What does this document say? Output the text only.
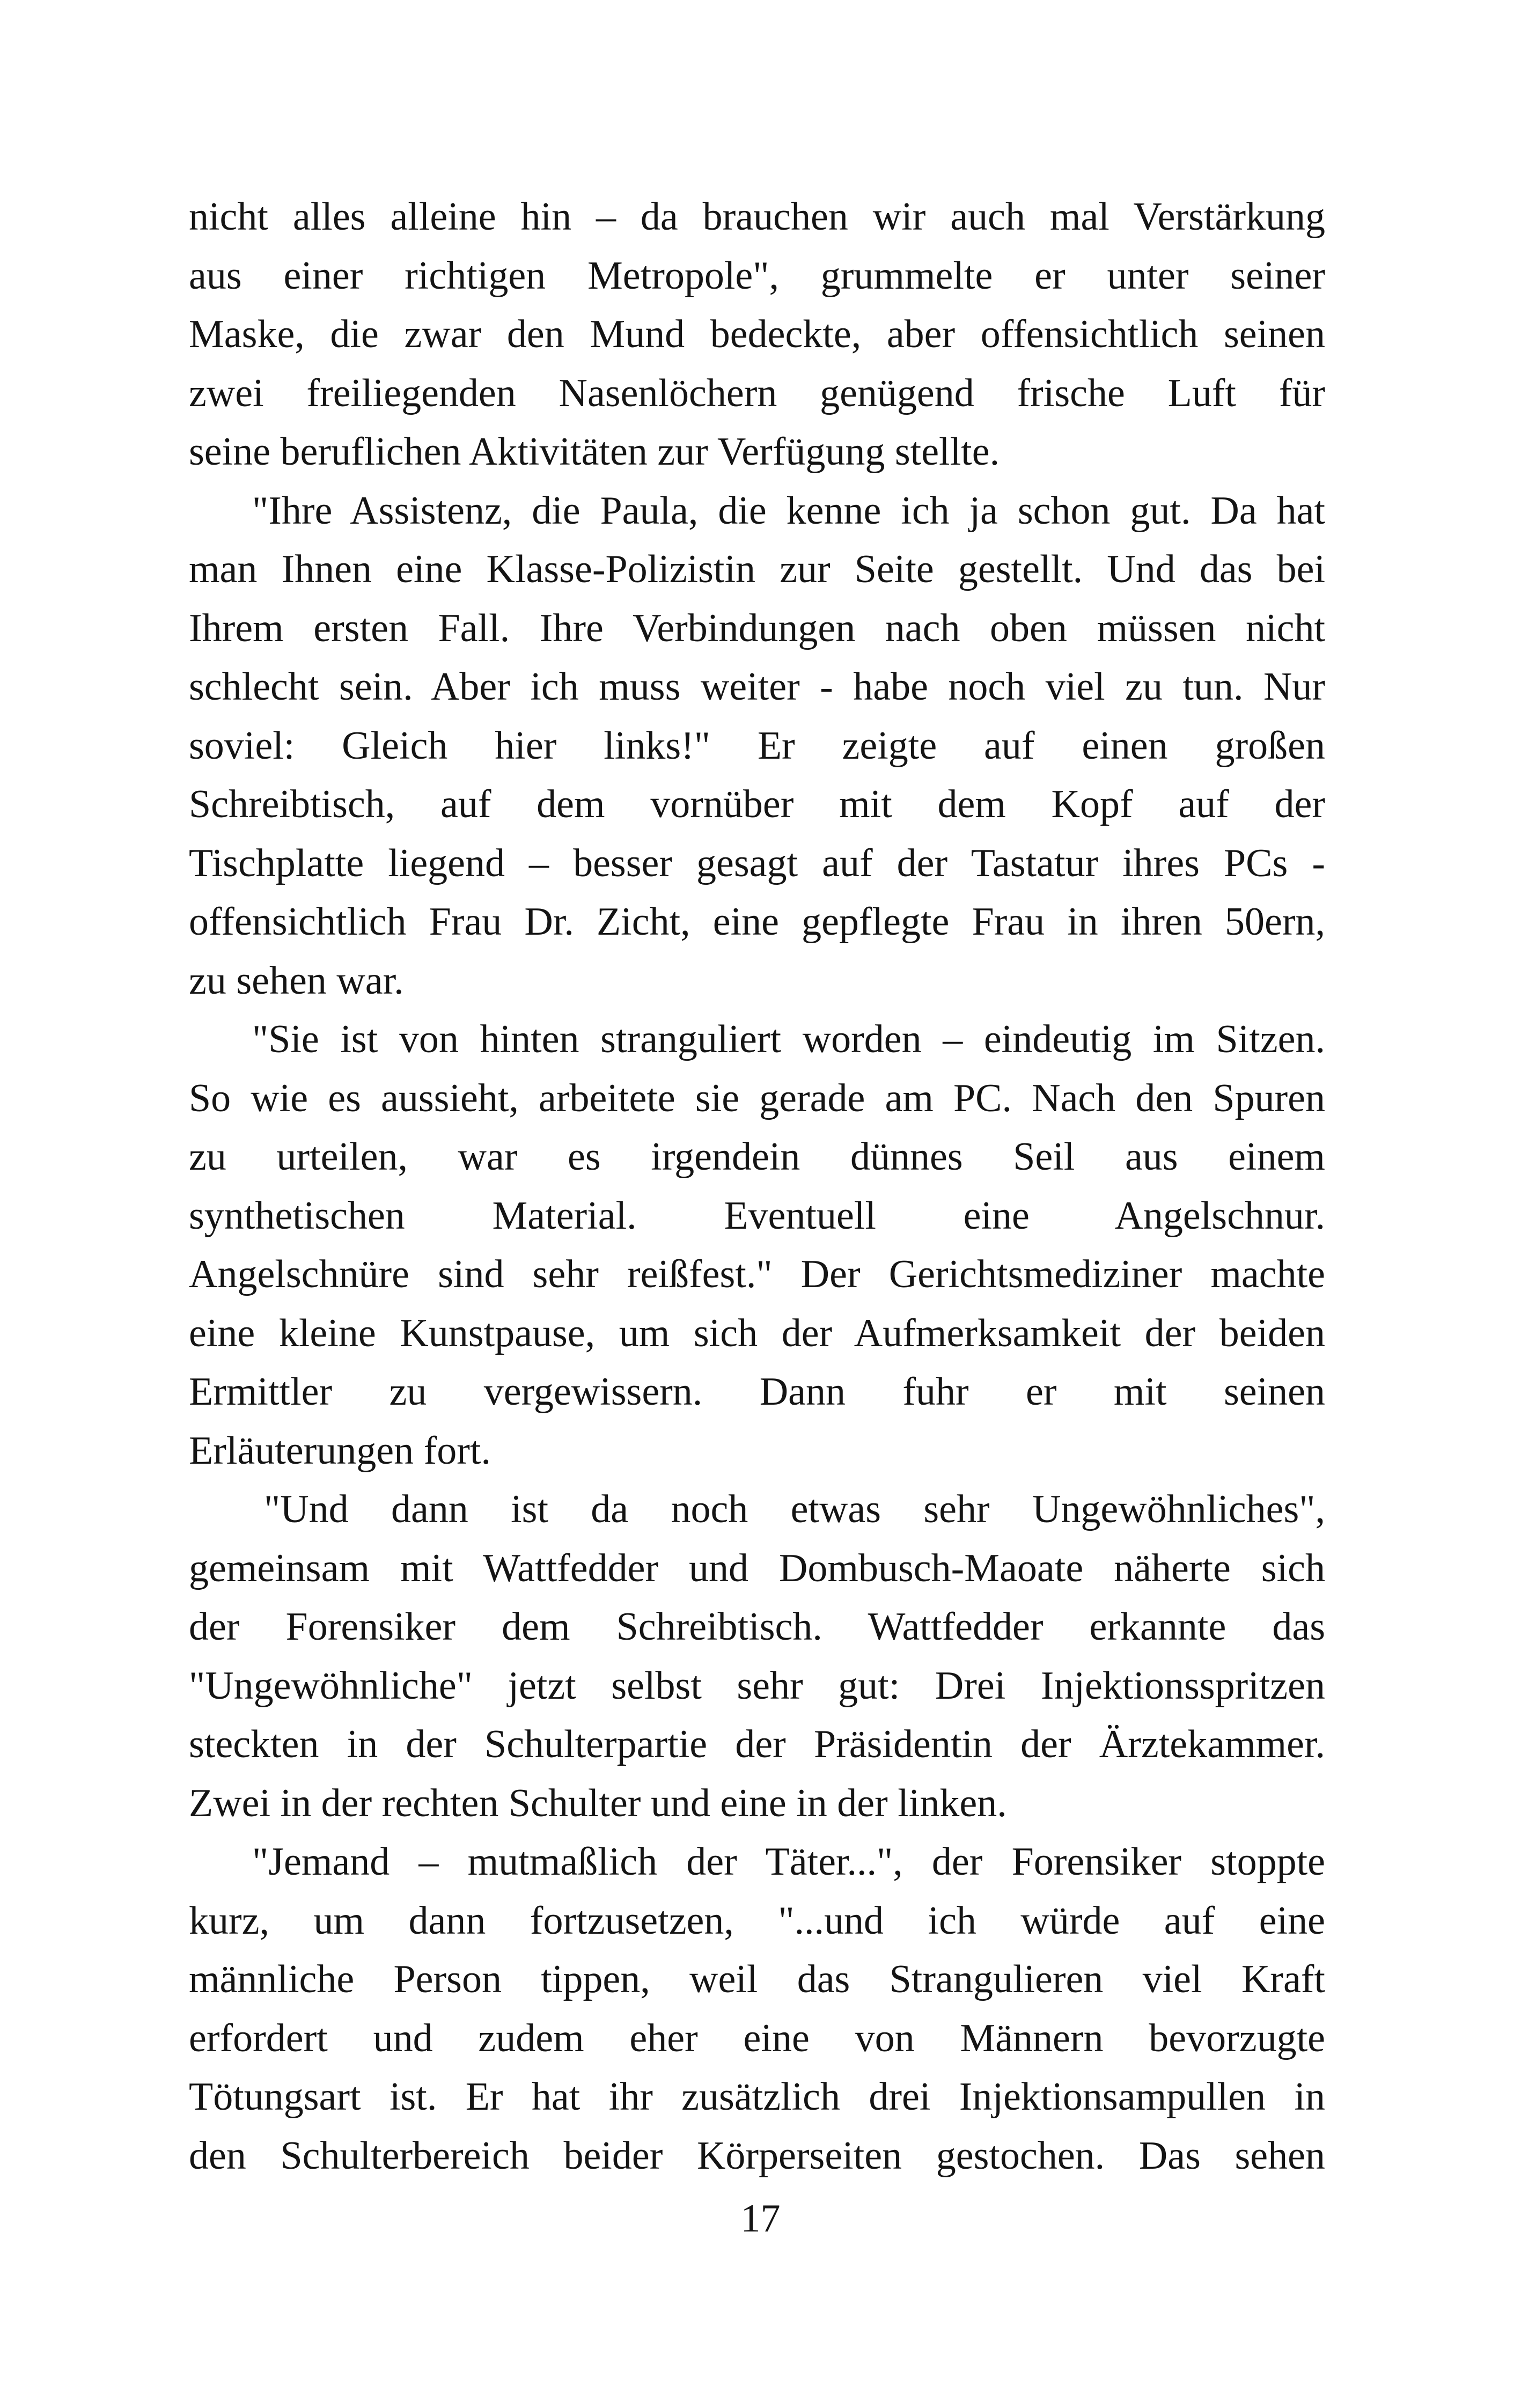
nicht alles alleine hin – da brauchen wir auch mal Verstärkung
aus einer richtigen Metropole", grummelte er unter seiner
Maske, die zwar den Mund bedeckte, aber offensichtlich seinen
zwei freiliegenden Nasenlöchern genügend frische Luft für
seine beruflichen Aktivitäten zur Verfügung stellte.
"Ihre Assistenz, die Paula, die kenne ich ja schon gut. Da hat
man Ihnen eine Klasse-Polizistin zur Seite gestellt. Und das bei
Ihrem ersten Fall. Ihre Verbindungen nach oben müssen nicht
schlecht sein. Aber ich muss weiter - habe noch viel zu tun. Nur
soviel: Gleich hier links!" Er zeigte auf einen großen
Schreibtisch, auf dem vornüber mit dem Kopf auf der
Tischplatte liegend – besser gesagt auf der Tastatur ihres PCs -
offensichtlich Frau Dr. Zicht, eine gepflegte Frau in ihren 50ern,
zu sehen war.
"Sie ist von hinten stranguliert worden – eindeutig im Sitzen.
So wie es aussieht, arbeitete sie gerade am PC. Nach den Spuren
zu urteilen, war es irgendein dünnes Seil aus einem
synthetischen Material. Eventuell eine Angelschnur.
Angelschnüre sind sehr reißfest." Der Gerichtsmediziner machte
eine kleine Kunstpause, um sich der Aufmerksamkeit der beiden
Ermittler zu vergewissern. Dann fuhr er mit seinen
Erläuterungen fort.
"Und dann ist da noch etwas sehr Ungewöhnliches",
gemeinsam mit Wattfedder und Dombusch-Maoate näherte sich
der Forensiker dem Schreibtisch. Wattfedder erkannte das
"Ungewöhnliche" jetzt selbst sehr gut: Drei Injektionsspritzen
steckten in der Schulterpartie der Präsidentin der Ärztekammer.
Zwei in der rechten Schulter und eine in der linken.
"Jemand – mutmaßlich der Täter...", der Forensiker stoppte
kurz, um dann fortzusetzen, "...und ich würde auf eine
männliche Person tippen, weil das Strangulieren viel Kraft
erfordert und zudem eher eine von Männern bevorzugte
Tötungsart ist. Er hat ihr zusätzlich drei Injektionsampullen in
den Schulterbereich beider Körperseiten gestochen. Das sehen
17
